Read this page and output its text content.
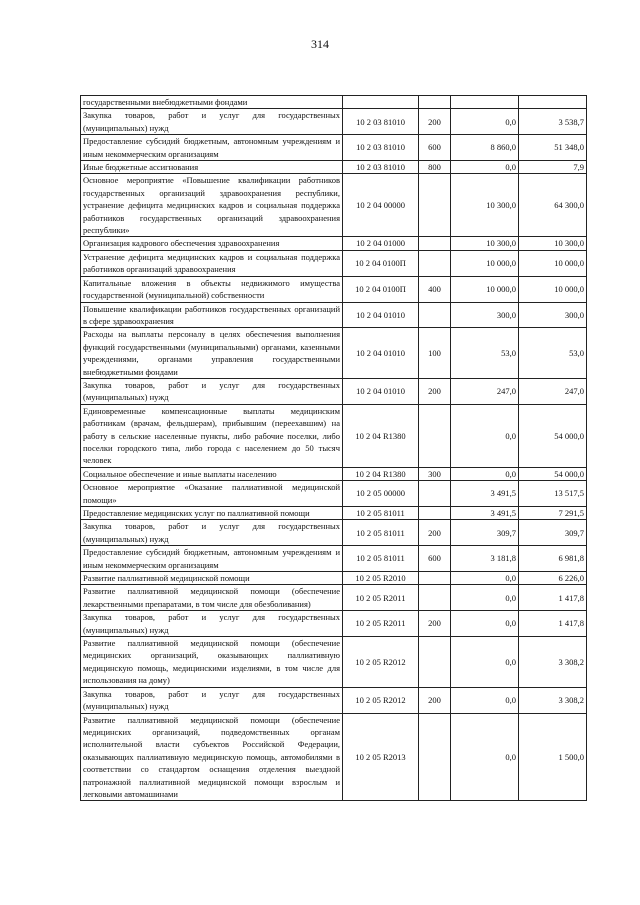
314
государственными внебюджетными фондами				
Закупка товаров, работ и услуг для государственных (муниципальных) нужд	10 2 03 81010	200	0,0	3 538,7
Предоставление субсидий бюджетным, автономным учреждениям и иным некоммерческим организациям	10 2 03 81010	600	8 860,0	51 348,0
Иные бюджетные ассигнования	10 2 03 81010	800	0,0	7,9
Основное мероприятие «Повышение квалификации работников государственных организаций здравоохранения республики, устранение дефицита медицинских кадров и социальная поддержка работников государственных организаций здравоохранения республики»	10 2 04 00000		10 300,0	64 300,0
Организация кадрового обеспечения здравоохранения	10 2 04 01000		10 300,0	10 300,0
Устранение дефицита медицинских кадров и социальная поддержка работников организаций здравоохранения	10 2 04 0100П		10 000,0	10 000,0
Капитальные вложения в объекты недвижимого имущества государственной (муниципальной) собственности	10 2 04 0100П	400	10 000,0	10 000,0
Повышение квалификации работников государственных организаций в сфере здравоохранения	10 2 04 01010		300,0	300,0
Расходы на выплаты персоналу в целях обеспечения выполнения функций государственными (муниципальными) органами, казенными учреждениями, органами управления государственными внебюджетными фондами	10 2 04 01010	100	53,0	53,0
Закупка товаров, работ и услуг для государственных (муниципальных) нужд	10 2 04 01010	200	247,0	247,0
Единовременные компенсационные выплаты медицинским работникам (врачам, фельдшерам), прибывшим (переехавшим) на работу в сельские населенные пункты, либо рабочие поселки, либо поселки городского типа, либо города с населением до 50 тысяч человек	10 2 04 R1380		0,0	54 000,0
Социальное обеспечение и иные выплаты населению	10 2 04 R1380	300	0,0	54 000,0
Основное мероприятие «Оказание паллиативной медицинской помощи»	10 2 05 00000		3 491,5	13 517,5
Предоставление медицинских услуг по паллиативной помощи	10 2 05 81011		3 491,5	7 291,5
Закупка товаров, работ и услуг для государственных (муниципальных) нужд	10 2 05 81011	200	309,7	309,7
Предоставление субсидий бюджетным, автономным учреждениям и иным некоммерческим организациям	10 2 05 81011	600	3 181,8	6 981,8
Развитие паллиативной медицинской помощи	10 2 05 R2010		0,0	6 226,0
Развитие паллиативной медицинской помощи (обеспечение лекарственными препаратами, в том числе для обезболивания)	10 2 05 R2011		0,0	1 417,8
Закупка товаров, работ и услуг для государственных (муниципальных) нужд	10 2 05 R2011	200	0,0	1 417,8
Развитие паллиативной медицинской помощи (обеспечение медицинских организаций, оказывающих паллиативную медицинскую помощь, медицинскими изделиями, в том числе для использования на дому)	10 2 05 R2012		0,0	3 308,2
Закупка товаров, работ и услуг для государственных (муниципальных) нужд	10 2 05 R2012	200	0,0	3 308,2
Развитие паллиативной медицинской помощи (обеспечение медицинских организаций, подведомственных органам исполнительной власти субъектов Российской Федерации, оказывающих паллиативную медицинскую помощь, автомобилями в соответствии со стандартом оснащения отделения выездной патронажной паллиативной медицинской помощи взрослым и легковыми автомашинами	10 2 05 R2013		0,0	1 500,0
